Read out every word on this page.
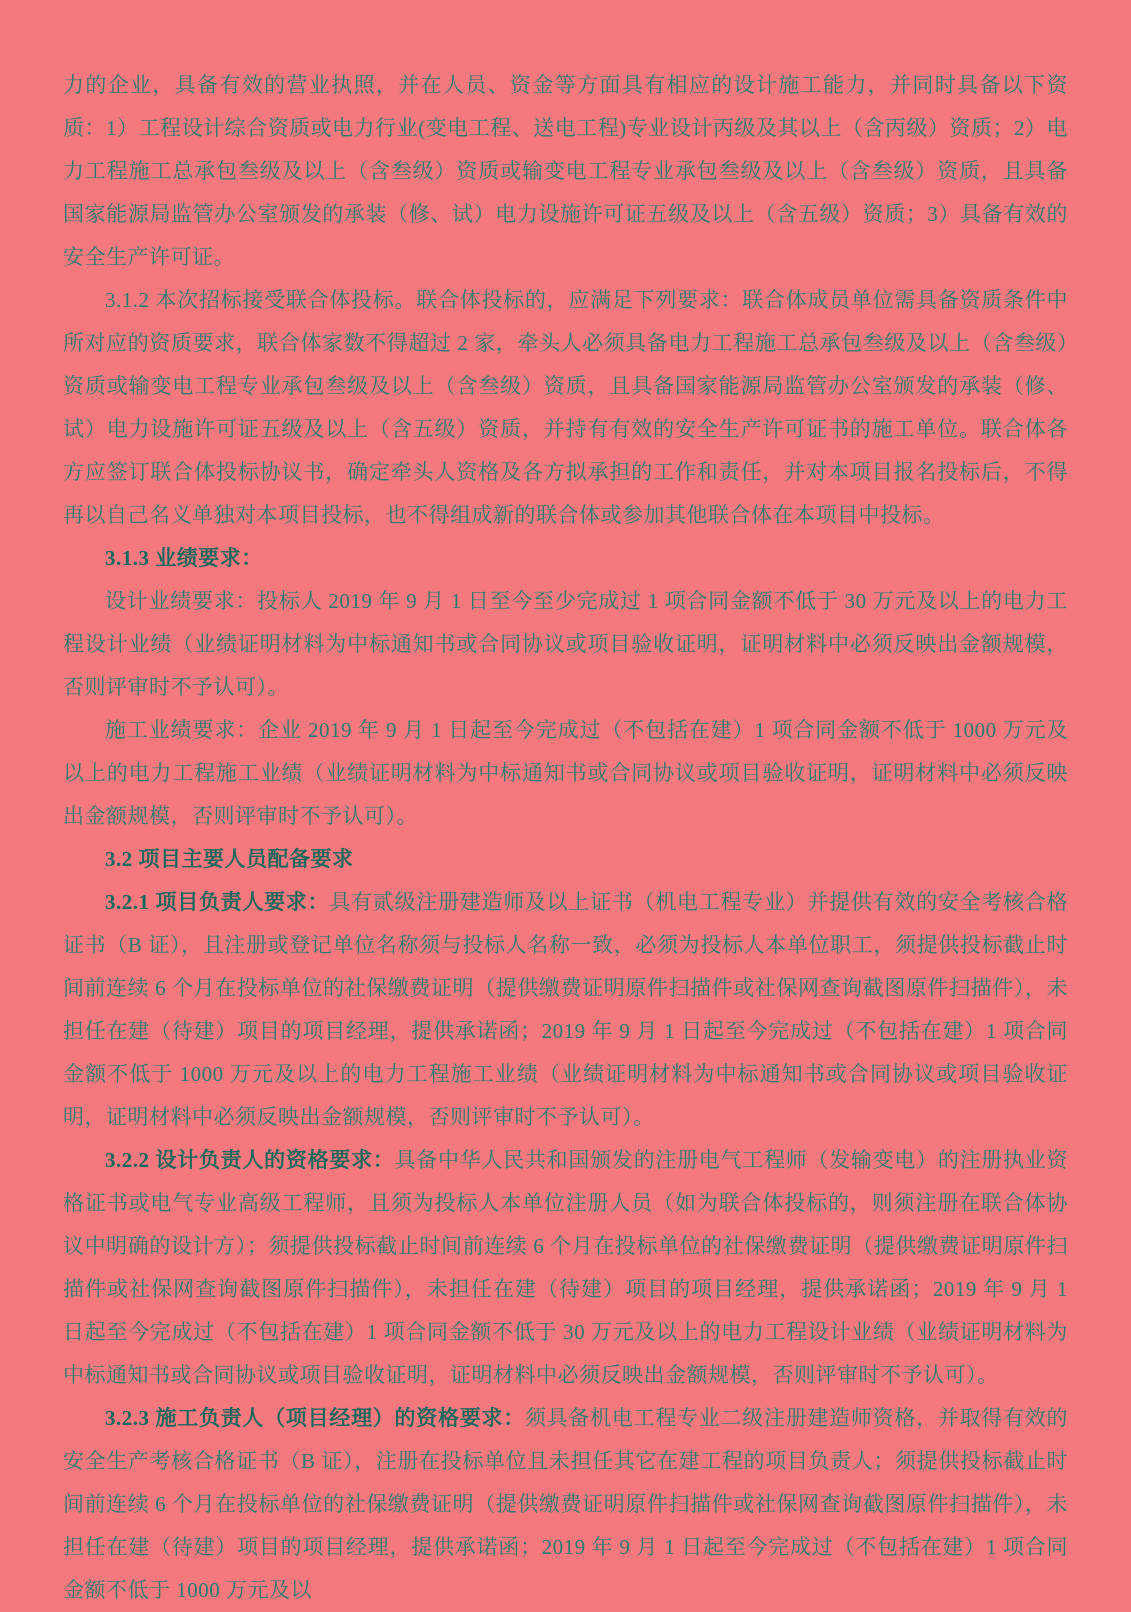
力的企业，具备有效的营业执照，并在人员、资金等方面具有相应的设计施工能力，并同时具备以下资质：1）工程设计综合资质或电力行业(变电工程、送电工程)专业设计丙级及其以上（含丙级）资质；2）电力工程施工总承包叁级及以上（含叁级）资质或输变电工程专业承包叁级及以上（含叁级）资质，且具备国家能源局监管办公室颁发的承装（修、试）电力设施许可证五级及以上（含五级）资质；3）具备有效的安全生产许可证。

3.1.2 本次招标接受联合体投标。联合体投标的，应满足下列要求：联合体成员单位需具备资质条件中所对应的资质要求，联合体家数不得超过 2 家，牵头人必须具备电力工程施工总承包叁级及以上（含叁级）资质或输变电工程专业承包叁级及以上（含叁级）资质，且具备国家能源局监管办公室颁发的承装（修、试）电力设施许可证五级及以上（含五级）资质，并持有有效的安全生产许可证书的施工单位。联合体各方应签订联合体投标协议书，确定牵头人资格及各方拟承担的工作和责任，并对本项目报名投标后，不得再以自己名义单独对本项目投标，也不得组成新的联合体或参加其他联合体在本项目中投标。

3.1.3 业绩要求：

设计业绩要求：投标人 2019 年 9 月 1 日至今至少完成过 1 项合同金额不低于 30 万元及以上的电力工程设计业绩（业绩证明材料为中标通知书或合同协议或项目验收证明，证明材料中必须反映出金额规模，否则评审时不予认可）。

施工业绩要求：企业 2019 年 9 月 1 日起至今完成过（不包括在建）1 项合同金额不低于 1000 万元及以上的电力工程施工业绩（业绩证明材料为中标通知书或合同协议或项目验收证明，证明材料中必须反映出金额规模，否则评审时不予认可）。

3.2 项目主要人员配备要求

3.2.1 项目负责人要求：具有贰级注册建造师及以上证书（机电工程专业）并提供有效的安全考核合格证书（B 证），且注册或登记单位名称须与投标人名称一致，必须为投标人本单位职工，须提供投标截止时间前连续 6 个月在投标单位的社保缴费证明（提供缴费证明原件扫描件或社保网查询截图原件扫描件），未担任在建（待建）项目的项目经理，提供承诺函；2019 年 9 月 1 日起至今完成过（不包括在建）1 项合同金额不低于 1000 万元及以上的电力工程施工业绩（业绩证明材料为中标通知书或合同协议或项目验收证明，证明材料中必须反映出金额规模，否则评审时不予认可）。

3.2.2 设计负责人的资格要求：具备中华人民共和国颁发的注册电气工程师（发输变电）的注册执业资格证书或电气专业高级工程师，且须为投标人本单位注册人员（如为联合体投标的，则须注册在联合体协议中明确的设计方）；须提供投标截止时间前连续 6 个月在投标单位的社保缴费证明（提供缴费证明原件扫描件或社保网查询截图原件扫描件），未担任在建（待建）项目的项目经理，提供承诺函；2019 年 9 月 1 日起至今完成过（不包括在建）1 项合同金额不低于 30 万元及以上的电力工程设计业绩（业绩证明材料为中标通知书或合同协议或项目验收证明，证明材料中必须反映出金额规模，否则评审时不予认可）。

3.2.3 施工负责人（项目经理）的资格要求：须具备机电工程专业二级注册建造师资格，并取得有效的安全生产考核合格证书（B 证），注册在投标单位且未担任其它在建工程的项目负责人；须提供投标截止时间前连续 6 个月在投标单位的社保缴费证明（提供缴费证明原件扫描件或社保网查询截图原件扫描件），未担任在建（待建）项目的项目经理，提供承诺函；2019 年 9 月 1 日起至今完成过（不包括在建）1 项合同金额不低于 1000 万元及以
